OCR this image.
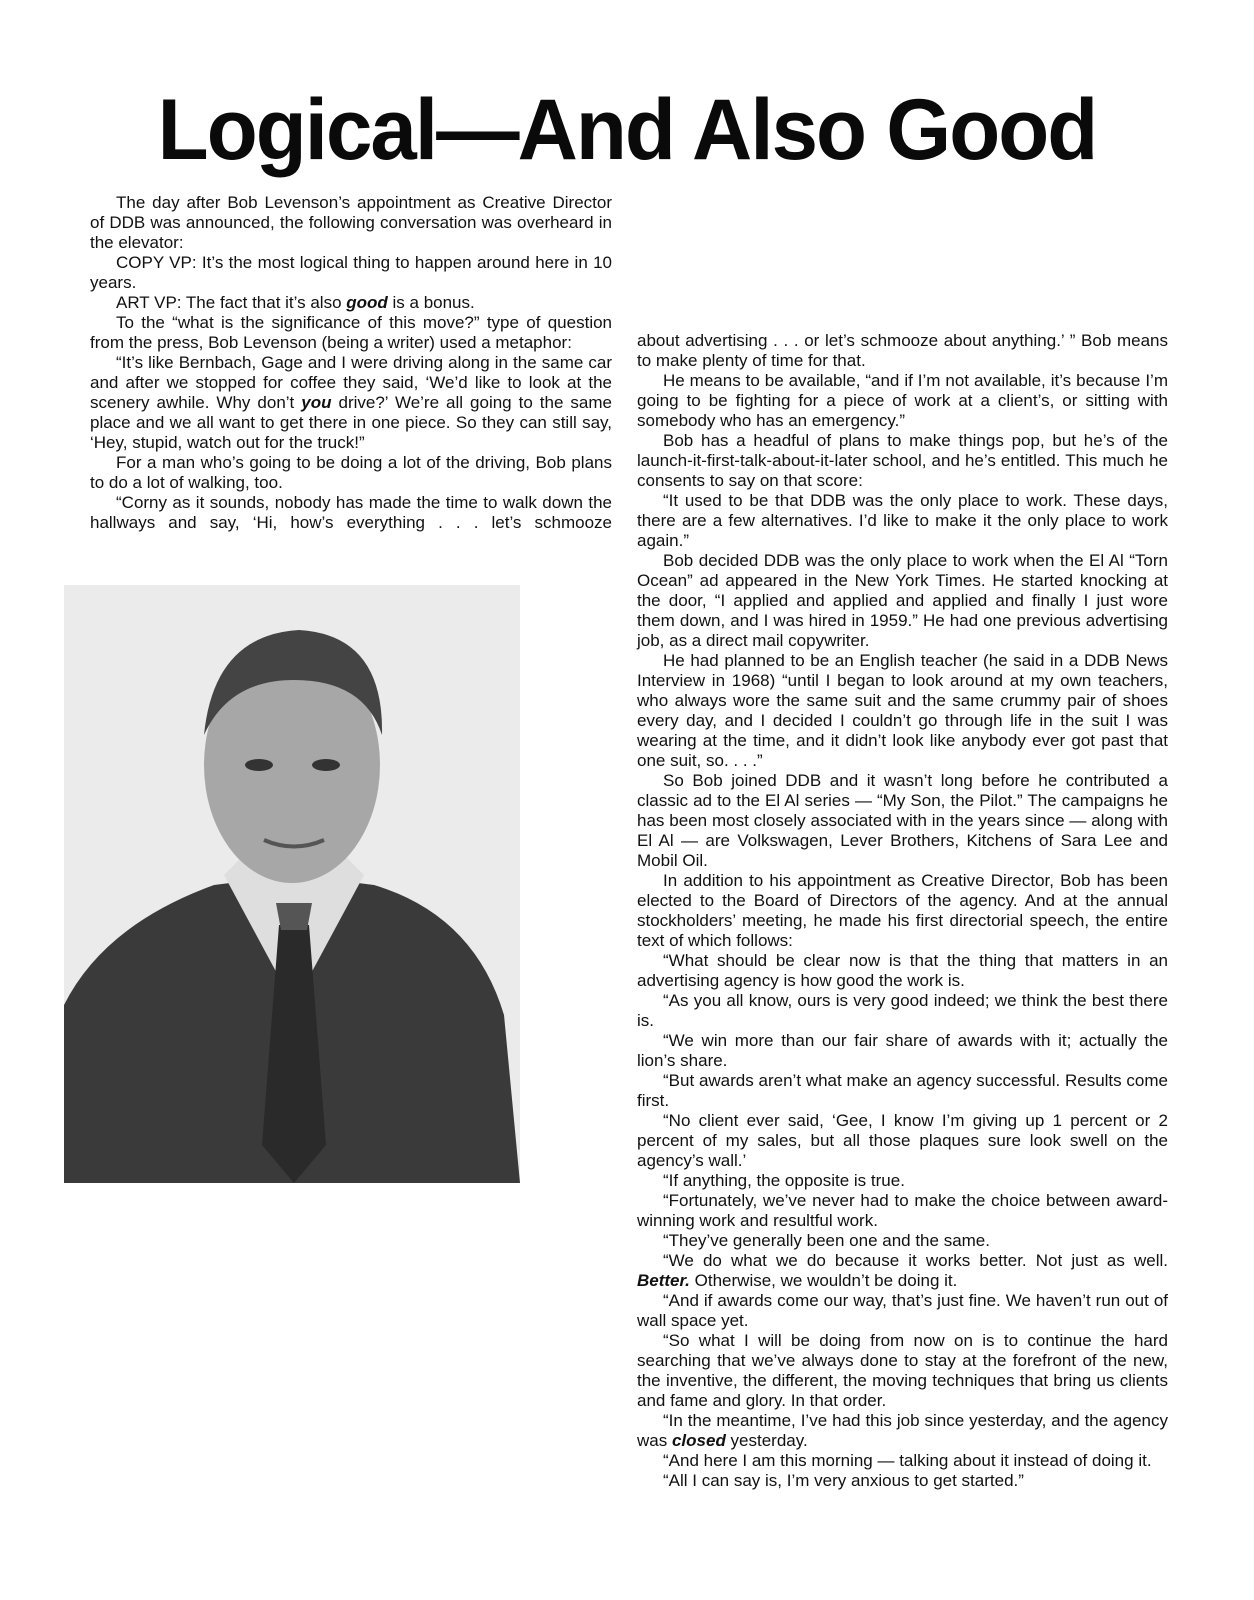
Logical—And Also Good

The day after Bob Levenson’s appointment as Creative Director of DDB was announced, the following conversation was overheard in the elevator:

COPY VP: It’s the most logical thing to happen around here in 10 years.

ART VP: The fact that it’s also good is a bonus.

To the “what is the significance of this move?” type of question from the press, Bob Levenson (being a writer) used a metaphor:

“It’s like Bernbach, Gage and I were driving along in the same car and after we stopped for coffee they said, ‘We’d like to look at the scenery awhile. Why don’t you drive?’ We’re all going to the same place and we all want to get there in one piece. So they can still say, ‘Hey, stupid, watch out for the truck!”

For a man who’s going to be doing a lot of the driving, Bob plans to do a lot of walking, too.

“Corny as it sounds, nobody has made the time to walk down the hallways and say, ‘Hi, how’s everything . . . let’s schmooze

about advertising . . . or let’s schmooze about anything.’ ” Bob means to make plenty of time for that.

He means to be available, “and if I’m not available, it’s because I’m going to be fighting for a piece of work at a client’s, or sitting with somebody who has an emergency.”

Bob has a headful of plans to make things pop, but he’s of the launch-it-first-talk-about-it-later school, and he’s entitled. This much he consents to say on that score:

“It used to be that DDB was the only place to work. These days, there are a few alternatives. I’d like to make it the only place to work again.”

Bob decided DDB was the only place to work when the El Al “Torn Ocean” ad appeared in the New York Times. He started knocking at the door, “I applied and applied and applied and finally I just wore them down, and I was hired in 1959.” He had one previous advertising job, as a direct mail copywriter.

He had planned to be an English teacher (he said in a DDB News Interview in 1968) “until I began to look around at my own teachers, who always wore the same suit and the same crummy pair of shoes every day, and I decided I couldn’t go through life in the suit I was wearing at the time, and it didn’t look like anybody ever got past that one suit, so. . . .”

So Bob joined DDB and it wasn’t long before he contributed a classic ad to the El Al series — “My Son, the Pilot.” The campaigns he has been most closely associated with in the years since — along with El Al — are Volkswagen, Lever Brothers, Kitchens of Sara Lee and Mobil Oil.

In addition to his appointment as Creative Director, Bob has been elected to the Board of Directors of the agency. And at the annual stockholders’ meeting, he made his first directorial speech, the entire text of which follows:

“What should be clear now is that the thing that matters in an advertising agency is how good the work is.

“As you all know, ours is very good indeed; we think the best there is.

“We win more than our fair share of awards with it; actually the lion’s share.

“But awards aren’t what make an agency successful. Results come first.

“No client ever said, ‘Gee, I know I’m giving up 1 percent or 2 percent of my sales, but all those plaques sure look swell on the agency’s wall.’

“If anything, the opposite is true.

“Fortunately, we’ve never had to make the choice between award-winning work and resultful work.

“They’ve generally been one and the same.

“We do what we do because it works better. Not just as well. Better. Otherwise, we wouldn’t be doing it.

“And if awards come our way, that’s just fine. We haven’t run out of wall space yet.

“So what I will be doing from now on is to continue the hard searching that we’ve always done to stay at the forefront of the new, the inventive, the different, the moving techniques that bring us clients and fame and glory. In that order.

“In the meantime, I’ve had this job since yesterday, and the agency was closed yesterday.

“And here I am this morning — talking about it instead of doing it.

“All I can say is, I’m very anxious to get started.”
